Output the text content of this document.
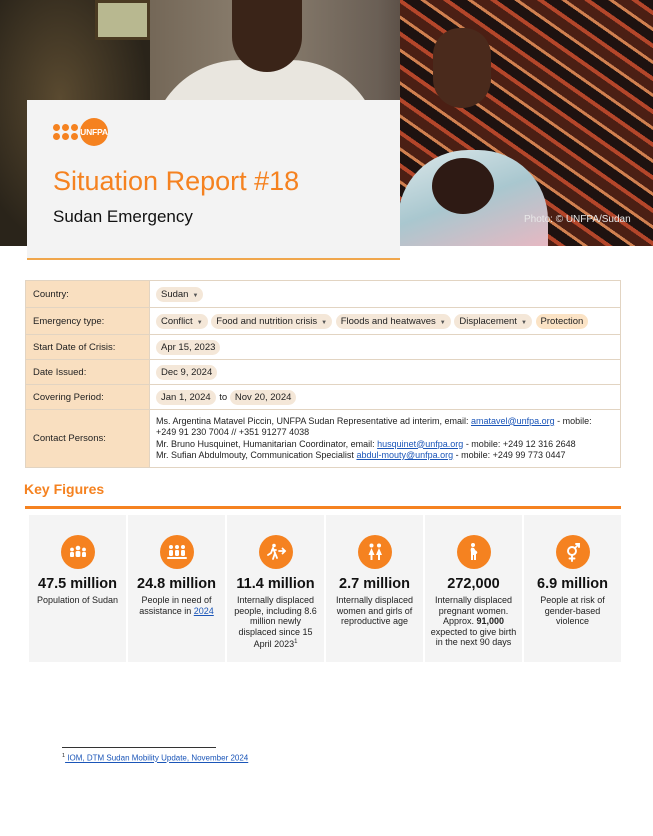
Photo: © UNFPA/Sudan
UNFPA
Situation Report #18
Sudan Emergency
Country:	Sudan ▼
Emergency type:	Conflict ▼ Food and nutrition crisis ▼ Floods and heatwaves ▼ Displacement ▼ Protection
Start Date of Crisis:	Apr 15, 2023
Date Issued:	Dec 9, 2024
Covering Period:	Jan 1, 2024 to Nov 20, 2024
Contact Persons:	Ms. Argentina Matavel Piccin, UNFPA Sudan Representative ad interim, email: amatavel@unfpa.org - mobile: +249 91 230 7004 // +351 91277 4038
Mr. Bruno Husquinet, Humanitarian Coordinator, email: husquinet@unfpa.org - mobile: +249 12 316 2648
Mr. Sufian Abdulmouty, Communication Specialist abdul-mouty@unfpa.org - mobile: +249 99 773 0447
Key Figures
47.5 million
Population of Sudan
24.8 million
People in need of assistance in 2024
11.4 million
Internally displaced people, including 8.6 million newly displaced since 15 April 2023$^1$
2.7 million
Internally displaced women and girls of reproductive age
272,000
Internally displaced pregnant women. Approx. 91,000 expected to give birth in the next 90 days
6.9 million
People at risk of gender-based violence
$^1$ IOM, DTM Sudan Mobility Update, November 2024
